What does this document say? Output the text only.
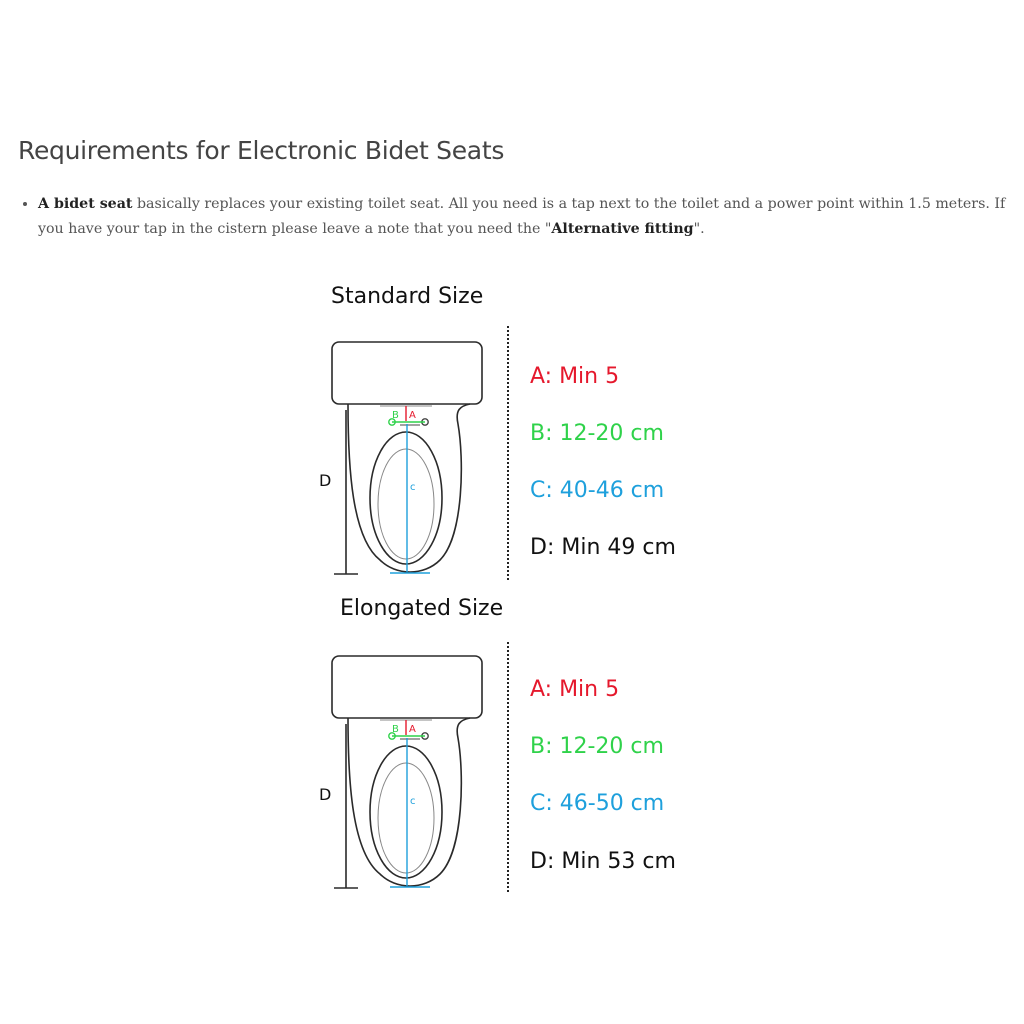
Requirements for Electronic Bidet Seats
• A bidet seat basically replaces your existing toilet seat. All you need is a tap next to the toilet and a power point within 1.5 meters. If you have your tap in the cistern please leave a note that you need the "Alternative fitting".
Standard Size
A
B
c
D
A: Min 5
B: 12-20 cm
C: 40-46 cm
D: Min 49 cm
Elongated Size
A
B
c
D
A: Min 5
B: 12-20 cm
C: 46-50 cm
D: Min 53 cm
